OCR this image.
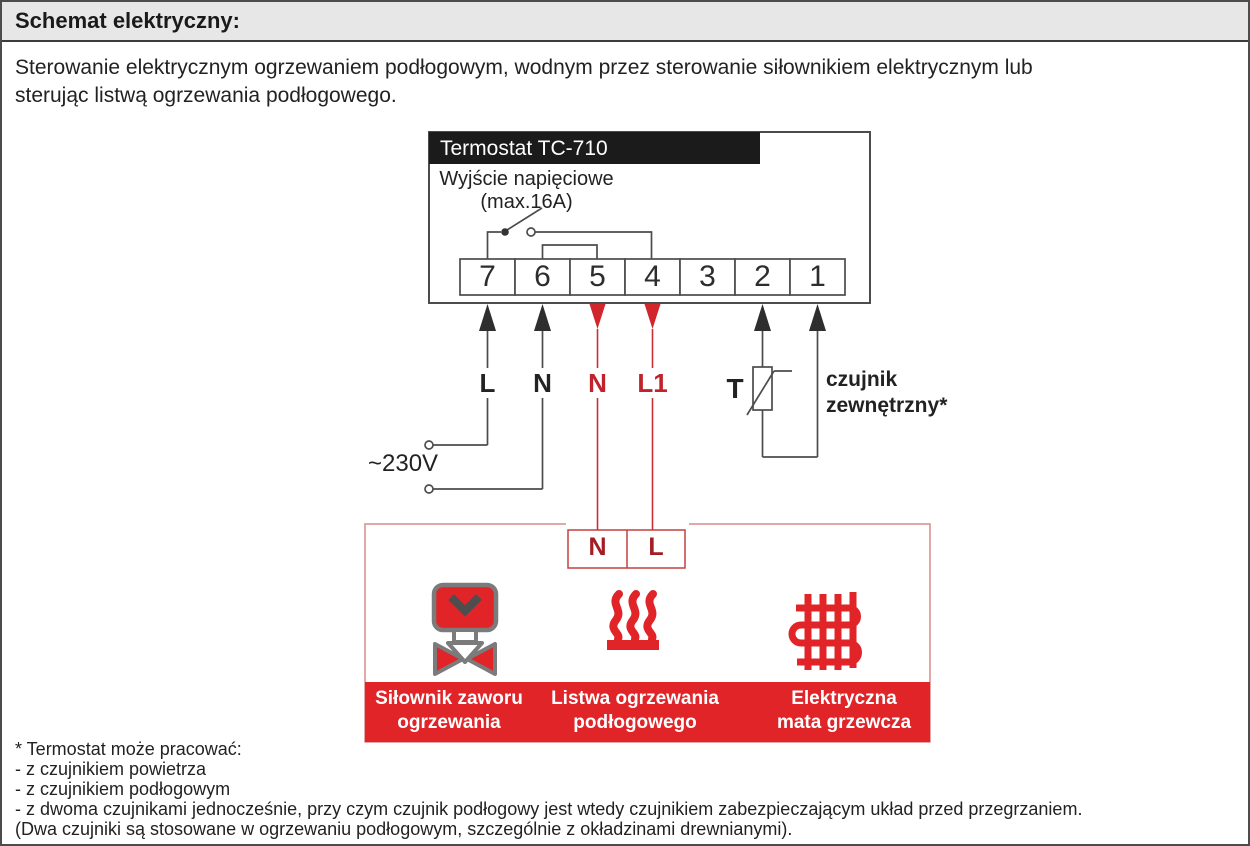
Schemat elektryczny:
Sterowanie elektrycznym ogrzewaniem podłogowym, wodnym przez sterowanie siłownikiem elektrycznym lub
sterując listwą ogrzewania podłogowego.
Termostat TC-710
Wyjście napięciowe
(max.16A)
7	6	5	4	3	2	1
L	N	N	L1
~230V
T	czujnik
zewnętrzny*
N	L
Siłownik zaworu
ogrzewania
Listwa ogrzewania
podłogowego
Elektryczna
mata grzewcza
* Termostat może pracować:
- z czujnikiem powietrza
- z czujnikiem podłogowym
- z dwoma czujnikami jednocześnie, przy czym czujnik podłogowy jest wtedy czujnikiem zabezpieczającym układ przed przegrzaniem.
(Dwa czujniki są stosowane w ogrzewaniu podłogowym, szczególnie z okładzinami drewnianymi).
